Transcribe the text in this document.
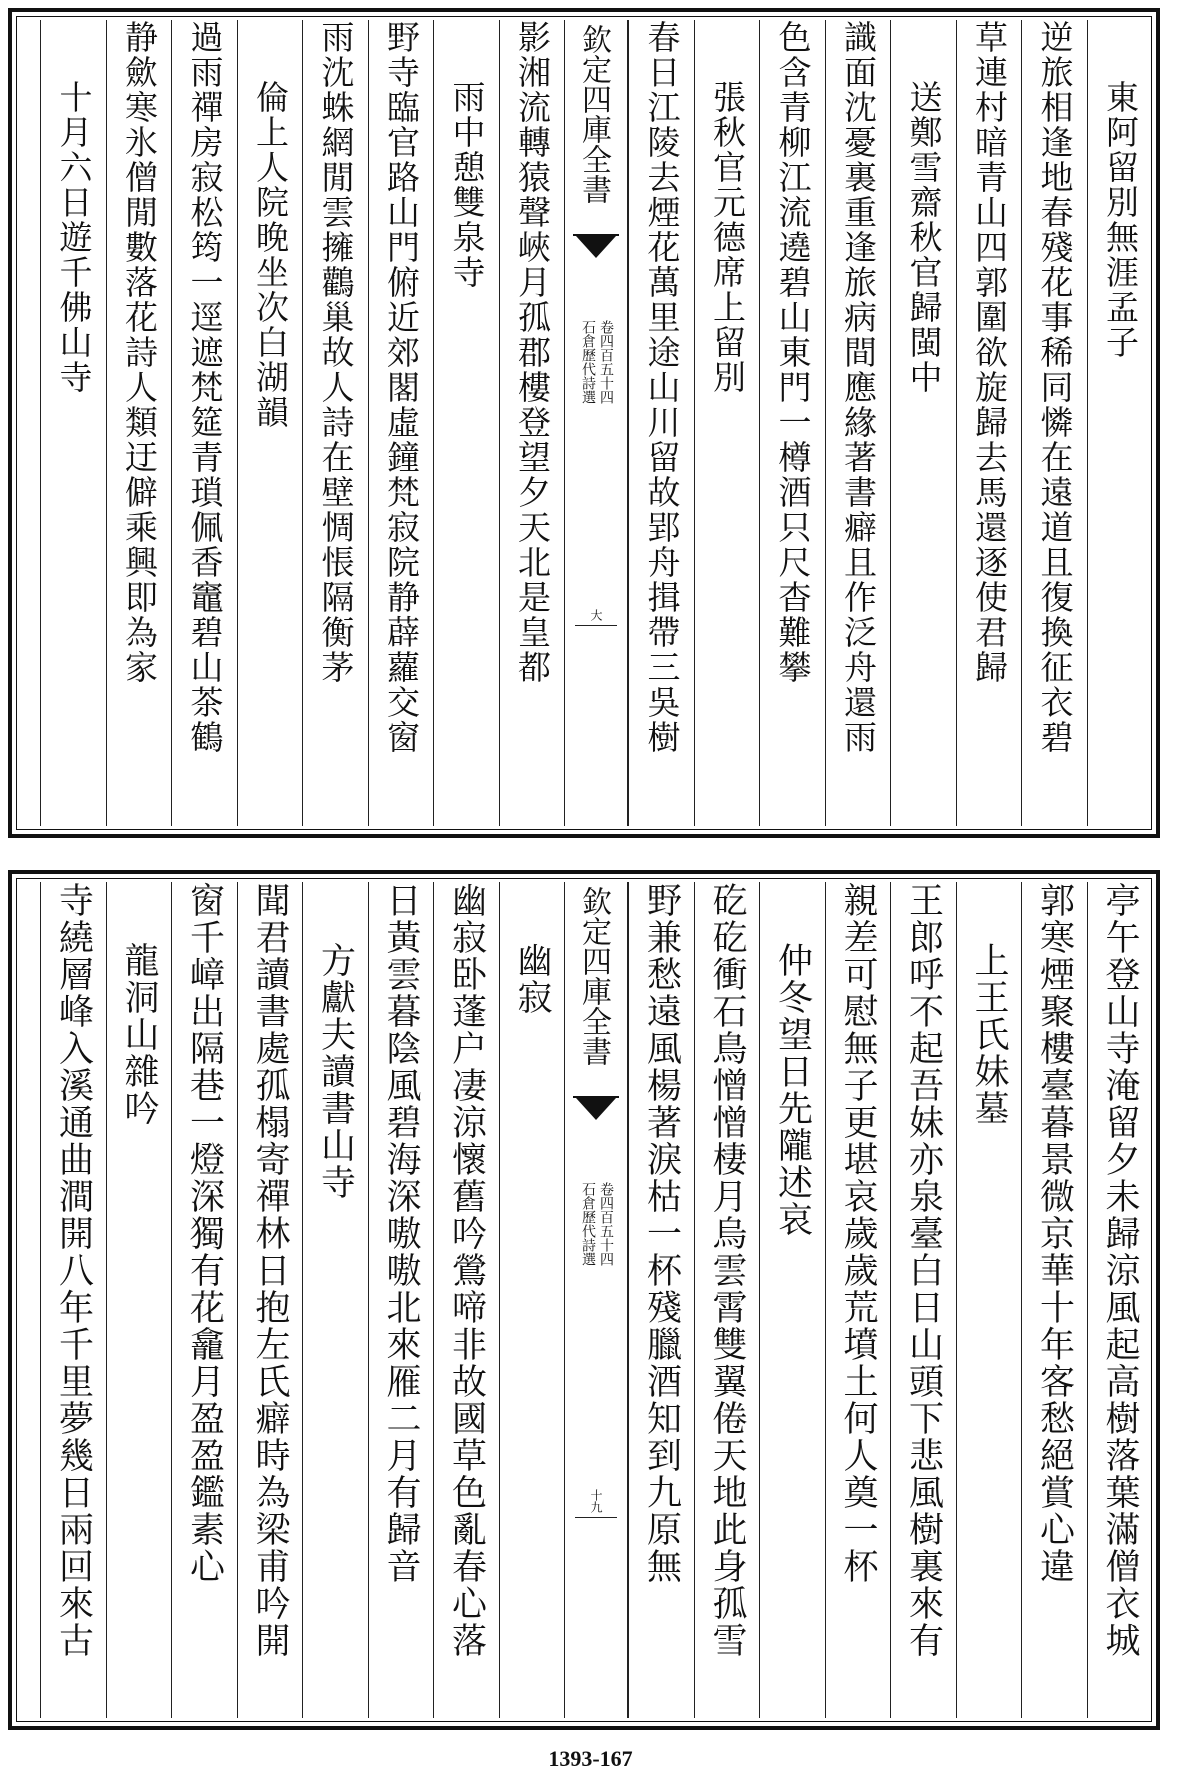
東阿留別無涯孟子
逆旅相逢地春殘花事稀同憐在遠道且復換征衣碧
草連村暗青山四郭圍欲旋歸去馬還逐使君歸
送鄭雪齋秋官歸閩中
識面沈憂裏重逢旅病間應緣著書癖且作泛舟還雨
色含青柳江流遶碧山東門一樽酒只尺杳難攀
張秋官元德席上留別
春日江陵去煙花萬里途山川留故郢舟揖帶三吳樹
影湘流轉猿聲峽月孤郡樓登望夕天北是皇都
雨中憩雙泉寺
野寺臨官路山門俯近郊閣虛鐘梵寂院静薜蘿交窗
雨沈蛛網閒雲擁鸛巢故人詩在壁惆悵隔衡茅
倫上人院晚坐次白湖韻
過雨禪房寂松筠一逕遮梵筵青瑣佩香竈碧山茶鶴
静歛寒氷僧閒數落花詩人類迂僻乘興即為家
十月六日遊千佛山寺	欽定四庫全書
石倉歷代詩選 卷四百五十四
大
亭午登山寺淹留夕未歸涼風起高樹落葉滿僧衣城
郭寒煙聚樓臺暮景微京華十年客愁絕賞心違
上王氏妹墓
王郎呼不起吾妹亦泉臺白日山頭下悲風樹裏來有
親差可慰無子更堪哀歲歲荒墳土何人奠一杯
仲冬望日先隴述哀
矻矻衝石鳥憎憎棲月烏雲霄雙翼倦天地此身孤雪
野兼愁遠風楊著淚枯一杯殘臘酒知到九原無
幽寂
幽寂卧蓬户凄涼懷舊吟鶯啼非故國草色亂春心落
日黃雲暮陰風碧海深嗷嗷北來雁二月有歸音
方獻夫讀書山寺
聞君讀書處孤榻寄禪林日抱左氏癖時為梁甫吟開
窗千嶂出隔巷一燈深獨有花龕月盈盈鑑素心
龍洞山雜吟
寺繞層峰入溪通曲澗開八年千里夢幾日兩回來古	欽定四庫全書
石倉歷代詩選 卷四百五十四
十九
1393-167
